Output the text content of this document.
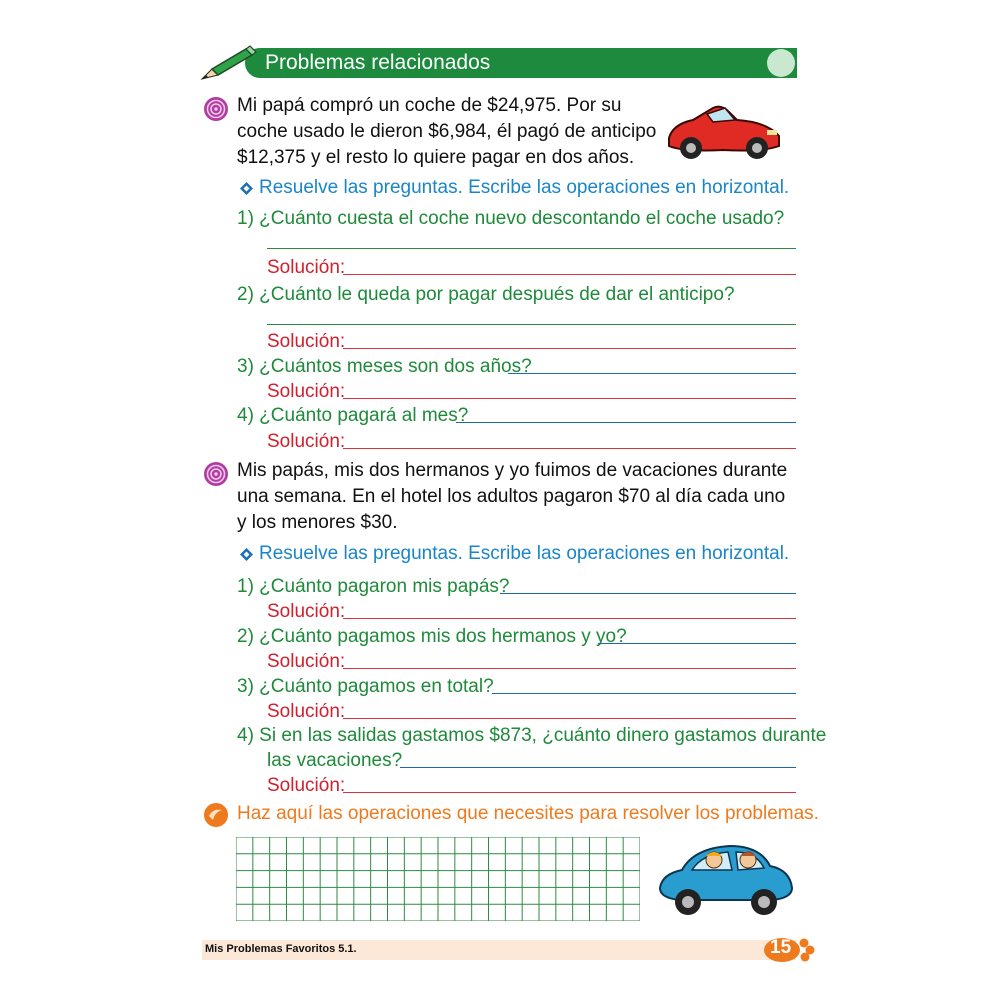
Problemas relacionados
Mi papá compró un coche de $24,975. Por su
coche usado le dieron $6,984, él pagó de anticipo
$12,375 y el resto lo quiere pagar en dos años.
Resuelve las preguntas. Escribe las operaciones en horizontal.
1) ¿Cuánto cuesta el coche nuevo descontando el coche usado?
Solución:
2) ¿Cuánto le queda por pagar después de dar el anticipo?
Solución:
3) ¿Cuántos meses son dos años?
Solución:
4) ¿Cuánto pagará al mes?
Solución:
Mis papás, mis dos hermanos y yo fuimos de vacaciones durante
una semana. En el hotel los adultos pagaron $70 al día cada uno
y los menores $30.
Resuelve las preguntas. Escribe las operaciones en horizontal.
1) ¿Cuánto pagaron mis papás?
Solución:
2) ¿Cuánto pagamos mis dos hermanos y yo?
Solución:
3) ¿Cuánto pagamos en total?
Solución:
4) Si en las salidas gastamos $873, ¿cuánto dinero gastamos durante
las vacaciones?
Solución:
Haz aquí las operaciones que necesites para resolver los problemas.
Mis Problemas Favoritos 5.1.	15
